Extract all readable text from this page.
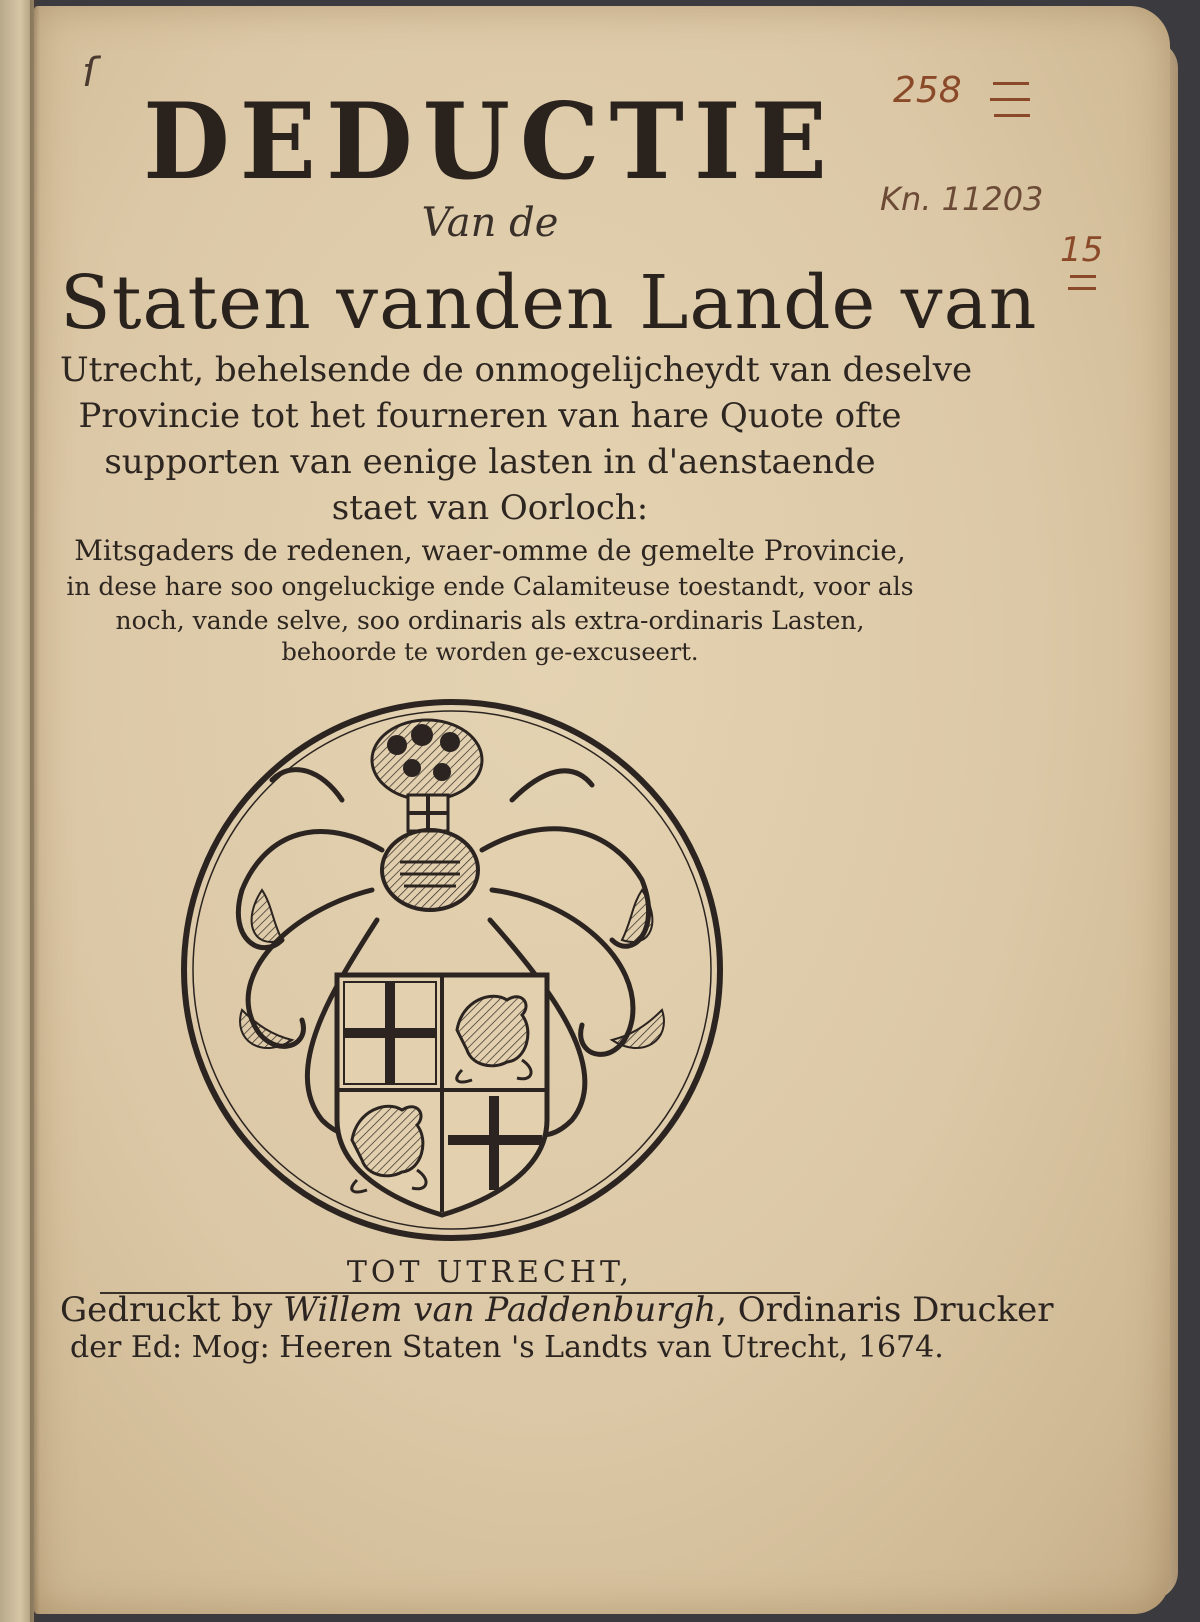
ſ	258
Kn. 11203
15
DEDUCTIE
Van de
Staten vanden Lande van
Utrecht, behelsende de onmogelijcheydt van deselve
Provincie tot het fourneren van hare Quote ofte
supporten van eenige lasten in d'aenstaende
staet van Oorloch:
Mitsgaders de redenen, waer-omme de gemelte Provincie,
in dese hare soo ongeluckige ende Calamiteuse toestandt, voor als
noch, vande selve, soo ordinaris als extra-ordinaris Lasten,
behoorde te worden ge-excuseert.
TOT UTRECHT,
Gedruckt by Willem van Paddenburgh, Ordinaris Drucker
der Ed: Mog: Heeren Staten 's Landts van Utrecht, 1674.
